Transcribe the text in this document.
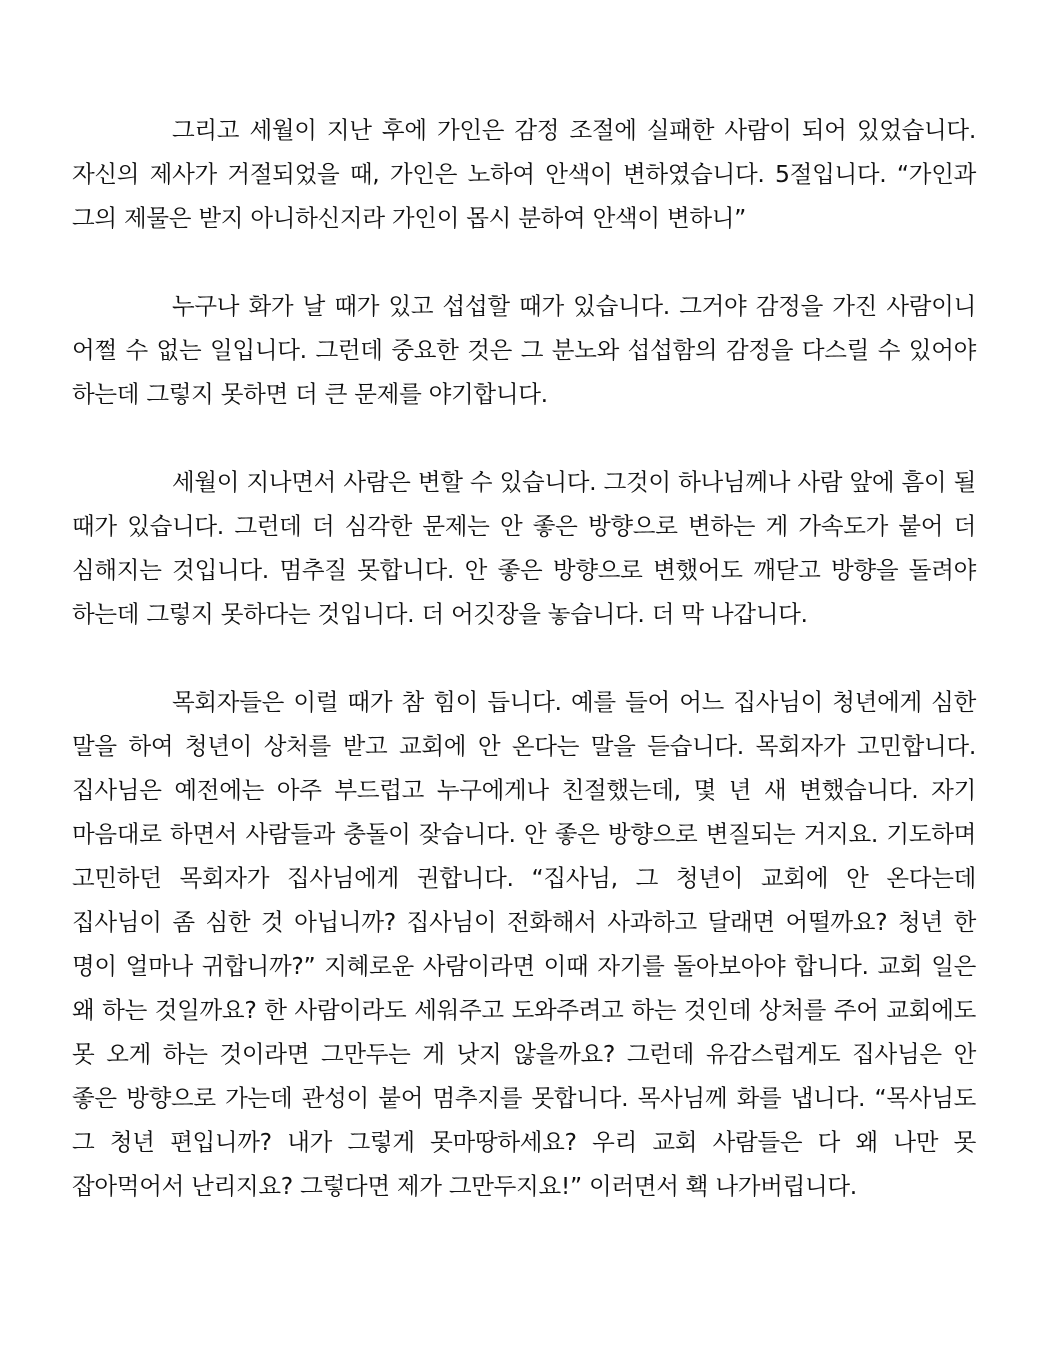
그리고 세월이 지난 후에 가인은 감정 조절에 실패한 사람이 되어 있었습니다. 자신의 제사가 거절되었을 때, 가인은 노하여 안색이 변하였습니다. 5절입니다. “가인과 그의 제물은 받지 아니하신지라 가인이 몹시 분하여 안색이 변하니”

누구나 화가 날 때가 있고 섭섭할 때가 있습니다. 그거야 감정을 가진 사람이니 어쩔 수 없는 일입니다. 그런데 중요한 것은 그 분노와 섭섭함의 감정을 다스릴 수 있어야 하는데 그렇지 못하면 더 큰 문제를 야기합니다.

세월이 지나면서 사람은 변할 수 있습니다. 그것이 하나님께나 사람 앞에 흠이 될 때가 있습니다. 그런데 더 심각한 문제는 안 좋은 방향으로 변하는 게 가속도가 붙어 더 심해지는 것입니다. 멈추질 못합니다. 안 좋은 방향으로 변했어도 깨닫고 방향을 돌려야 하는데 그렇지 못하다는 것입니다. 더 어깃장을 놓습니다. 더 막 나갑니다.

목회자들은 이럴 때가 참 힘이 듭니다. 예를 들어 어느 집사님이 청년에게 심한 말을 하여 청년이 상처를 받고 교회에 안 온다는 말을 듣습니다. 목회자가 고민합니다. 집사님은 예전에는 아주 부드럽고 누구에게나 친절했는데, 몇 년 새 변했습니다. 자기 마음대로 하면서 사람들과 충돌이 잦습니다. 안 좋은 방향으로 변질되는 거지요. 기도하며 고민하던 목회자가 집사님에게 권합니다. “집사님, 그 청년이 교회에 안 온다는데 집사님이 좀 심한 것 아닙니까? 집사님이 전화해서 사과하고 달래면 어떨까요? 청년 한 명이 얼마나 귀합니까?” 지혜로운 사람이라면 이때 자기를 돌아보아야 합니다. 교회 일은 왜 하는 것일까요? 한 사람이라도 세워주고 도와주려고 하는 것인데 상처를 주어 교회에도 못 오게 하는 것이라면 그만두는 게 낫지 않을까요? 그런데 유감스럽게도 집사님은 안 좋은 방향으로 가는데 관성이 붙어 멈추지를 못합니다. 목사님께 화를 냅니다. “목사님도 그 청년 편입니까? 내가 그렇게 못마땅하세요? 우리 교회 사람들은 다 왜 나만 못 잡아먹어서 난리지요? 그렇다면 제가 그만두지요!” 이러면서 홱 나가버립니다.
